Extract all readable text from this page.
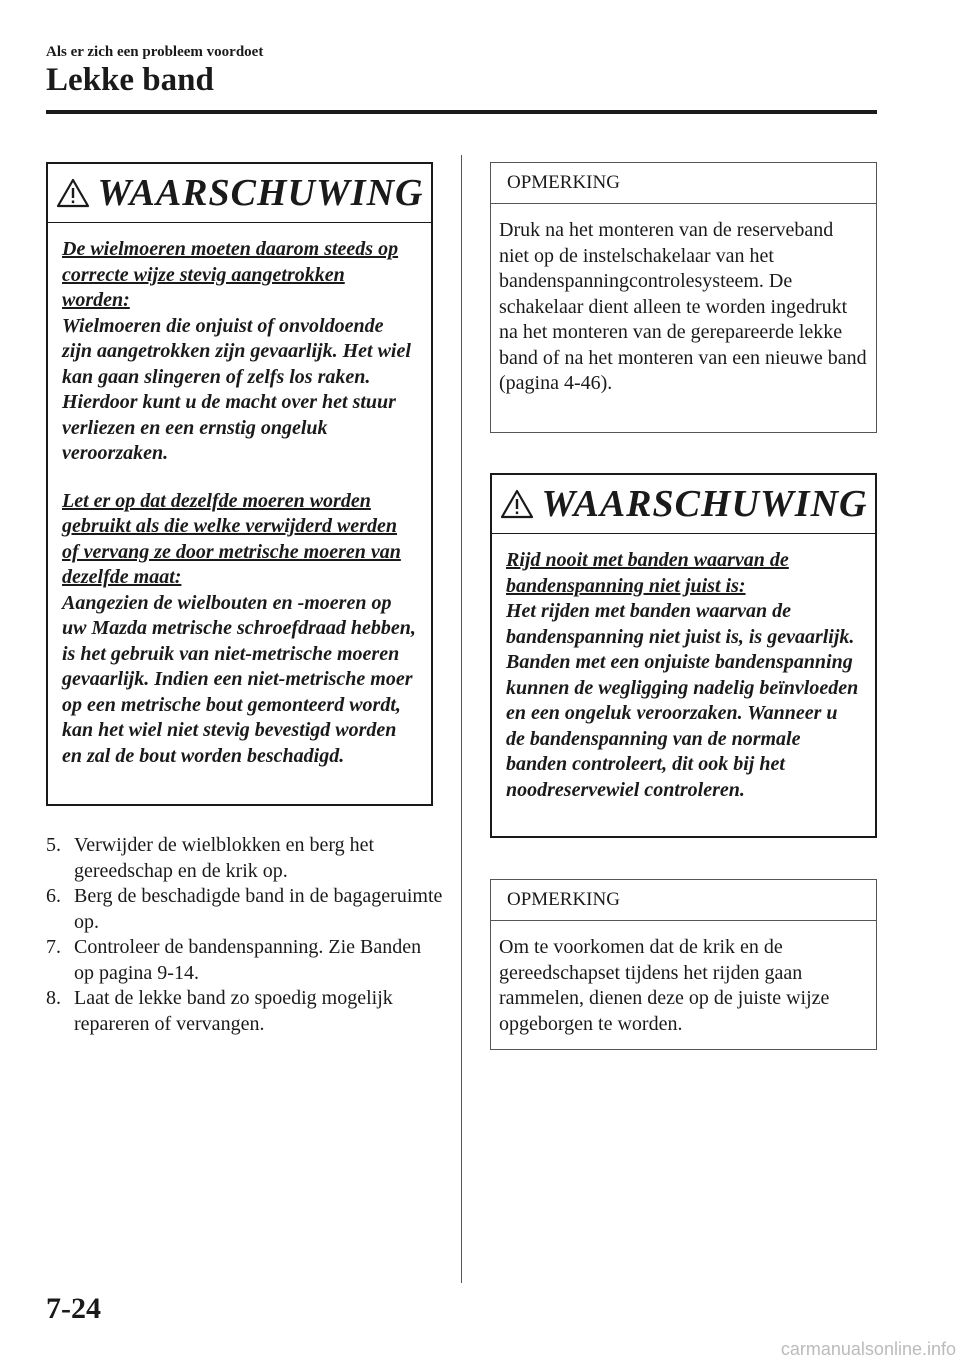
Als er zich een probleem voordoet
Lekke band
WAARSCHUWING

De wielmoeren moeten daarom steeds op correcte wijze stevig aangetrokken worden:
Wielmoeren die onjuist of onvoldoende zijn aangetrokken zijn gevaarlijk. Het wiel kan gaan slingeren of zelfs los raken. Hierdoor kunt u de macht over het stuur verliezen en een ernstig ongeluk veroorzaken.

Let er op dat dezelfde moeren worden gebruikt als die welke verwijderd werden of vervang ze door metrische moeren van dezelfde maat:
Aangezien de wielbouten en -moeren op uw Mazda metrische schroefdraad hebben, is het gebruik van niet-metrische moeren gevaarlijk. Indien een niet-metrische moer op een metrische bout gemonteerd wordt, kan het wiel niet stevig bevestigd worden en zal de bout worden beschadigd.

5. Verwijder de wielblokken en berg het gereedschap en de krik op.
6. Berg de beschadigde band in de bagageruimte op.
7. Controleer de bandenspanning. Zie Banden op pagina 9-14.
8. Laat de lekke band zo spoedig mogelijk repareren of vervangen.
OPMERKING
Druk na het monteren van de reserveband niet op de instelschakelaar van het bandenspanningcontrolesysteem. De schakelaar dient alleen te worden ingedrukt na het monteren van de gerepareerde lekke band of na het monteren van een nieuwe band (pagina 4-46).
WAARSCHUWING

Rijd nooit met banden waarvan de bandenspanning niet juist is:
Het rijden met banden waarvan de bandenspanning niet juist is, is gevaarlijk. Banden met een onjuiste bandenspanning kunnen de wegligging nadelig beïnvloeden en een ongeluk veroorzaken. Wanneer u de bandenspanning van de normale banden controleert, dit ook bij het noodreservewiel controleren.

OPMERKING
Om te voorkomen dat de krik en de gereedschapset tijdens het rijden gaan rammelen, dienen deze op de juiste wijze opgeborgen te worden.
7-24
carmanualsonline.info
